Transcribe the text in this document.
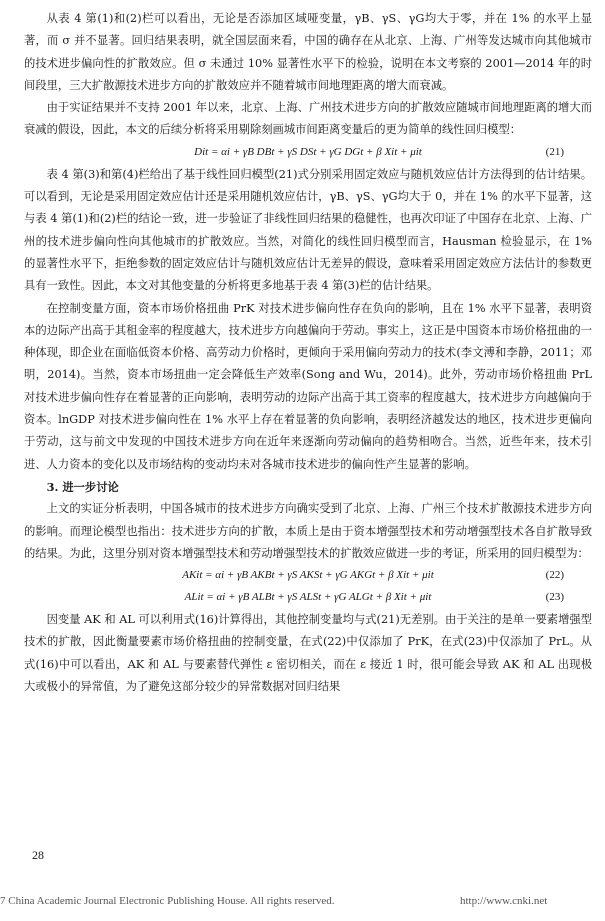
从表 4 第(1)和(2)栏可以看出，无论是否添加区域哑变量，γB、γS、γG均大于零，并在 1% 的水平上显著，而 σ 并不显著。回归结果表明，就全国层面来看，中国的确存在从北京、上海、广州等发达城市向其他城市的技术进步偏向性的扩散效应。但 σ 未通过 10% 显著性水平下的检验，说明在本文考察的 2001—2014 年的时间段里，三大扩散源技术进步方向的扩散效应并不随着城市间地理距离的增大而衰减。

由于实证结果并不支持 2001 年以来，北京、上海、广州技术进步方向的扩散效应随城市间地理距离的增大而衰减的假设，因此，本文的后续分析将采用剔除刻画城市间距离变量后的更为简单的线性回归模型：

Dit = αi + γB DBt + γS DSt + γG DGt + β Xit + μit	(21)

表 4 第(3)和第(4)栏给出了基于线性回归模型(21)式分别采用固定效应与随机效应估计方法得到的估计结果。可以看到，无论是采用固定效应估计还是采用随机效应估计，γB、γS、γG均大于 0，并在 1% 的水平下显著，这与表 4 第(1)和(2)栏的结论一致，进一步验证了非线性回归结果的稳健性，也再次印证了中国存在北京、上海、广州的技术进步偏向性向其他城市的扩散效应。当然，对简化的线性回归模型而言，Hausman 检验显示，在 1% 的显著性水平下，拒绝参数的固定效应估计与随机效应估计无差异的假设，意味着采用固定效应方法估计的参数更具有一致性。因此，本文对其他变量的分析将更多地基于表 4 第(3)栏的估计结果。

在控制变量方面，资本市场价格扭曲 PrK 对技术进步偏向性存在负向的影响，且在 1% 水平下显著，表明资本的边际产出高于其租金率的程度越大，技术进步方向越偏向于劳动。事实上，这正是中国资本市场价格扭曲的一种体现，即企业在面临低资本价格、高劳动力价格时，更倾向于采用偏向劳动力的技术(李文溥和李静，2011；邓明，2014)。当然，资本市场扭曲一定会降低生产效率(Song and Wu，2014)。此外，劳动市场价格扭曲 PrL 对技术进步偏向性存在着显著的正向影响，表明劳动的边际产出高于其工资率的程度越大，技术进步方向越偏向于资本。lnGDP 对技术进步偏向性在 1% 水平上存在着显著的负向影响，表明经济越发达的地区，技术进步更偏向于劳动，这与前文中发现的中国技术进步方向在近年来逐渐向劳动偏向的趋势相吻合。当然，近些年来，技术引进、人力资本的变化以及市场结构的变动均未对各城市技术进步的偏向性产生显著的影响。

3. 进一步讨论

上文的实证分析表明，中国各城市的技术进步方向确实受到了北京、上海、广州三个技术扩散源技术进步方向的影响。而理论模型也指出：技术进步方向的扩散，本质上是由于资本增强型技术和劳动增强型技术各自扩散导致的结果。为此，这里分别对资本增强型技术和劳动增强型技术的扩散效应做进一步的考证，所采用的回归模型为：

AKit = αi + γB AKBt + γS AKSt + γG AKGt + β Xit + μit	(22)
ALit = αi + γB ALBt + γS ALSt + γG ALGt + β Xit + μit	(23)

因变量 AK 和 AL 可以利用式(16)计算得出，其他控制变量均与式(21)无差别。由于关注的是单一要素增强型技术的扩散，因此衡量要素市场价格扭曲的控制变量，在式(22)中仅添加了 PrK，在式(23)中仅添加了 PrL。从式(16)中可以看出，AK 和 AL 与要素替代弹性 ε 密切相关，而在 ε 接近 1 时，很可能会导致 AK 和 AL 出现极大或极小的异常值，为了避免这部分较少的异常数据对回归结果

28
7 China Academic Journal Electronic Publishing House. All rights reserved.	http://www.cnki.net
